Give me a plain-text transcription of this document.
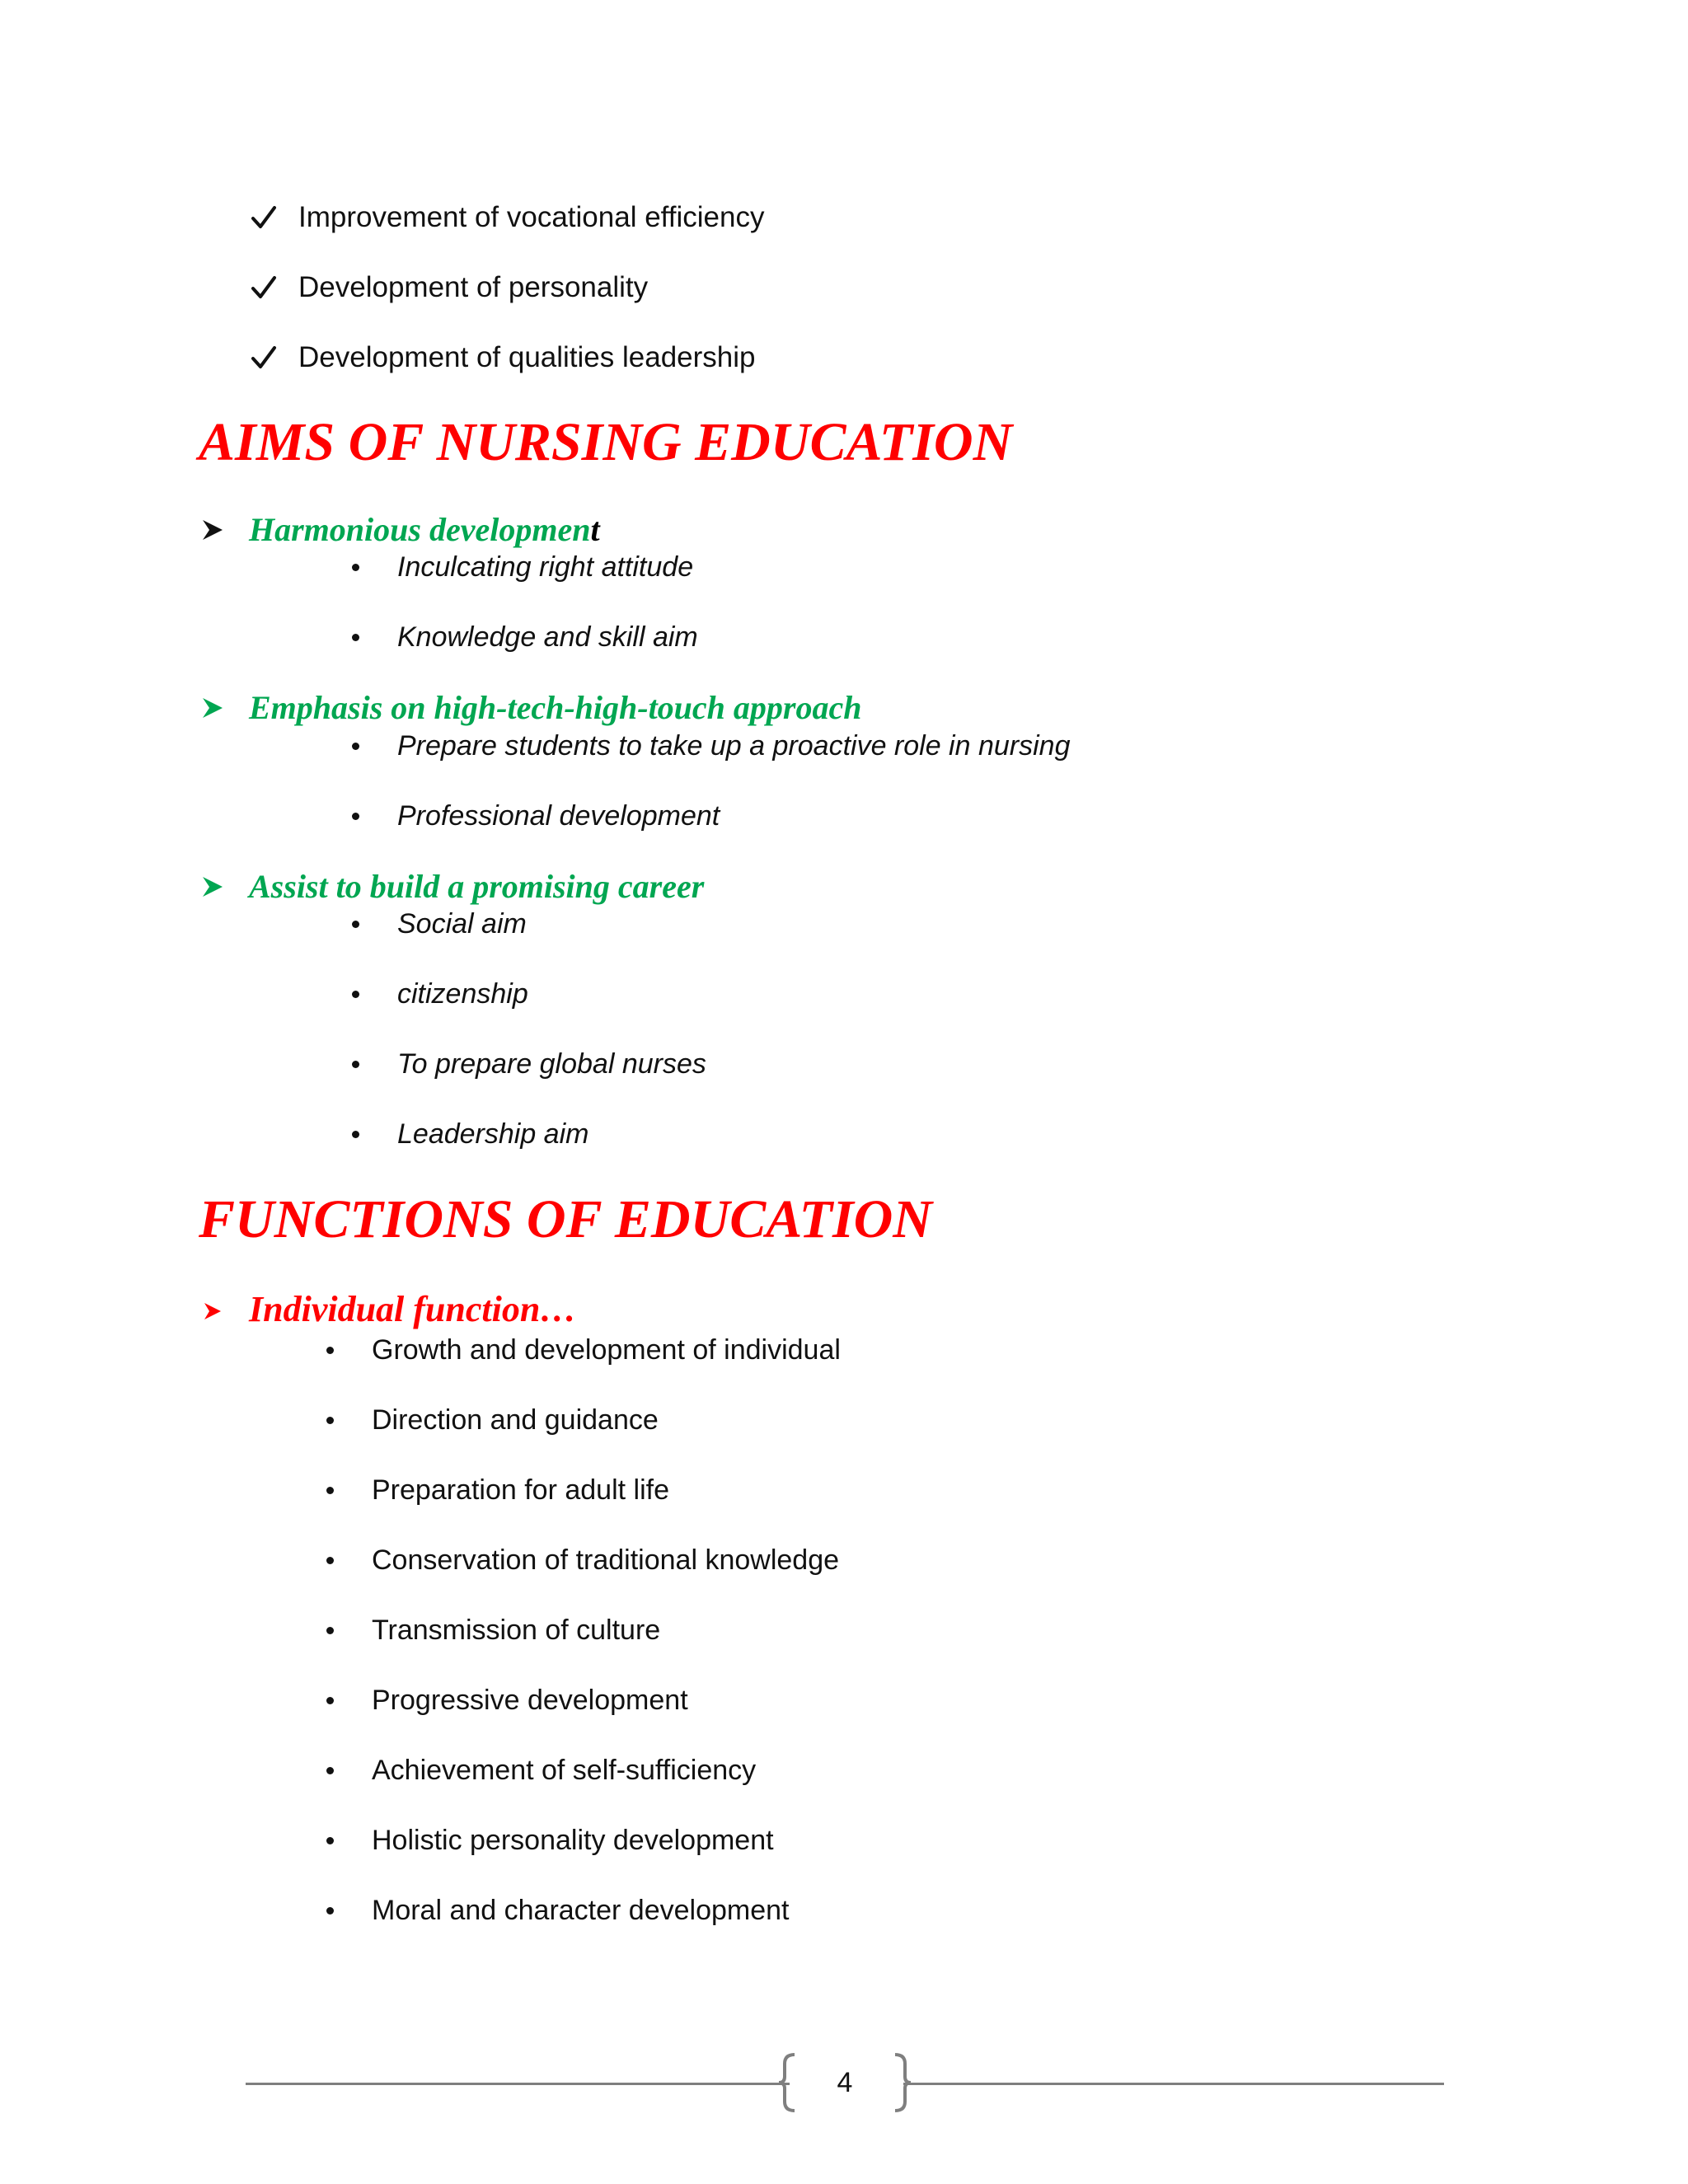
Improvement of vocational efficiency
Development of personality
Development of qualities leadership
AIMS OF NURSING EDUCATION
Harmonious development
Inculcating right attitude
Knowledge and skill aim
Emphasis on high-tech-high-touch approach
Prepare students to take up a proactive role in nursing
Professional development
Assist to build a promising career
Social aim
citizenship
To prepare global nurses
Leadership aim
FUNCTIONS OF EDUCATION
Individual function…
Growth and development of individual
Direction and guidance
Preparation for adult life
Conservation of traditional knowledge
Transmission of culture
Progressive development
Achievement of self-sufficiency
Holistic personality development
Moral and character development
4
